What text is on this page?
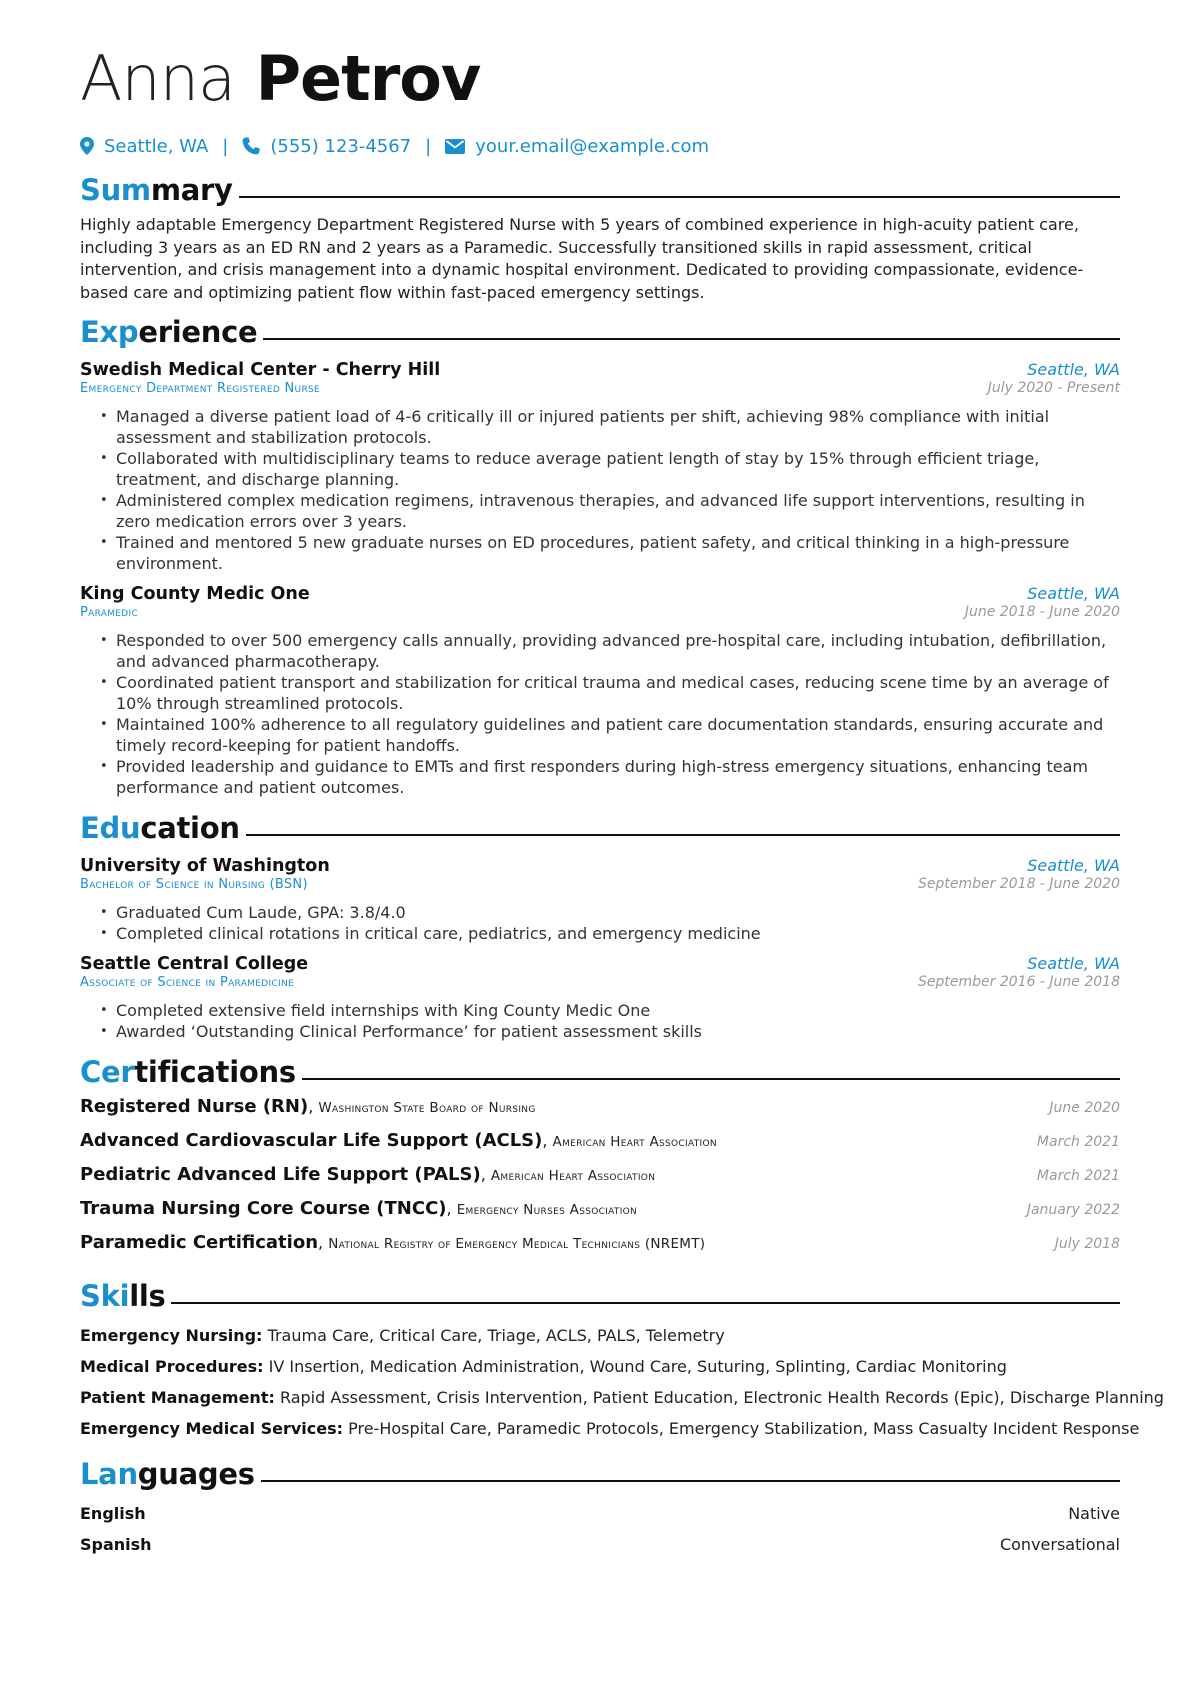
Anna Petrov
Seattle, WA | (555) 123-4567 | your.email@example.com
Summary

Highly adaptable Emergency Department Registered Nurse with 5 years of combined experience in high-acuity patient care, including 3 years as an ED RN and 2 years as a Paramedic. Successfully transitioned skills in rapid assessment, critical intervention, and crisis management into a dynamic hospital environment. Dedicated to providing compassionate, evidence-based care and optimizing patient flow within fast-paced emergency settings.

Experience
Swedish Medical Center - Cherry Hill	Seattle, WA
Emergency Department Registered Nurse	July 2020 - Present
• Managed a diverse patient load of 4-6 critically ill or injured patients per shift, achieving 98% compliance with initial assessment and stabilization protocols.
• Collaborated with multidisciplinary teams to reduce average patient length of stay by 15% through efficient triage, treatment, and discharge planning.
• Administered complex medication regimens, intravenous therapies, and advanced life support interventions, resulting in zero medication errors over 3 years.
• Trained and mentored 5 new graduate nurses on ED procedures, patient safety, and critical thinking in a high-pressure environment.
King County Medic One	Seattle, WA
Paramedic	June 2018 - June 2020
• Responded to over 500 emergency calls annually, providing advanced pre-hospital care, including intubation, defibrillation, and advanced pharmacotherapy.
• Coordinated patient transport and stabilization for critical trauma and medical cases, reducing scene time by an average of 10% through streamlined protocols.
• Maintained 100% adherence to all regulatory guidelines and patient care documentation standards, ensuring accurate and timely record-keeping for patient handoffs.
• Provided leadership and guidance to EMTs and first responders during high-stress emergency situations, enhancing team performance and patient outcomes.
Education
University of Washington	Seattle, WA
Bachelor of Science in Nursing (BSN)	September 2018 - June 2020
• Graduated Cum Laude, GPA: 3.8/4.0
• Completed clinical rotations in critical care, pediatrics, and emergency medicine
Seattle Central College	Seattle, WA
Associate of Science in Paramedicine	September 2016 - June 2018
• Completed extensive field internships with King County Medic One
• Awarded ‘Outstanding Clinical Performance’ for patient assessment skills
Certifications
Registered Nurse (RN), Washington State Board of Nursing	June 2020
Advanced Cardiovascular Life Support (ACLS), American Heart Association	March 2021
Pediatric Advanced Life Support (PALS), American Heart Association	March 2021
Trauma Nursing Core Course (TNCC), Emergency Nurses Association	January 2022
Paramedic Certification, National Registry of Emergency Medical Technicians (NREMT)	July 2018
Skills
Emergency Nursing: Trauma Care, Critical Care, Triage, ACLS, PALS, Telemetry
Medical Procedures: IV Insertion, Medication Administration, Wound Care, Suturing, Splinting, Cardiac Monitoring
Patient Management: Rapid Assessment, Crisis Intervention, Patient Education, Electronic Health Records (Epic), Discharge Planning
Emergency Medical Services: Pre-Hospital Care, Paramedic Protocols, Emergency Stabilization, Mass Casualty Incident Response
Languages
English	Native
Spanish	Conversational
